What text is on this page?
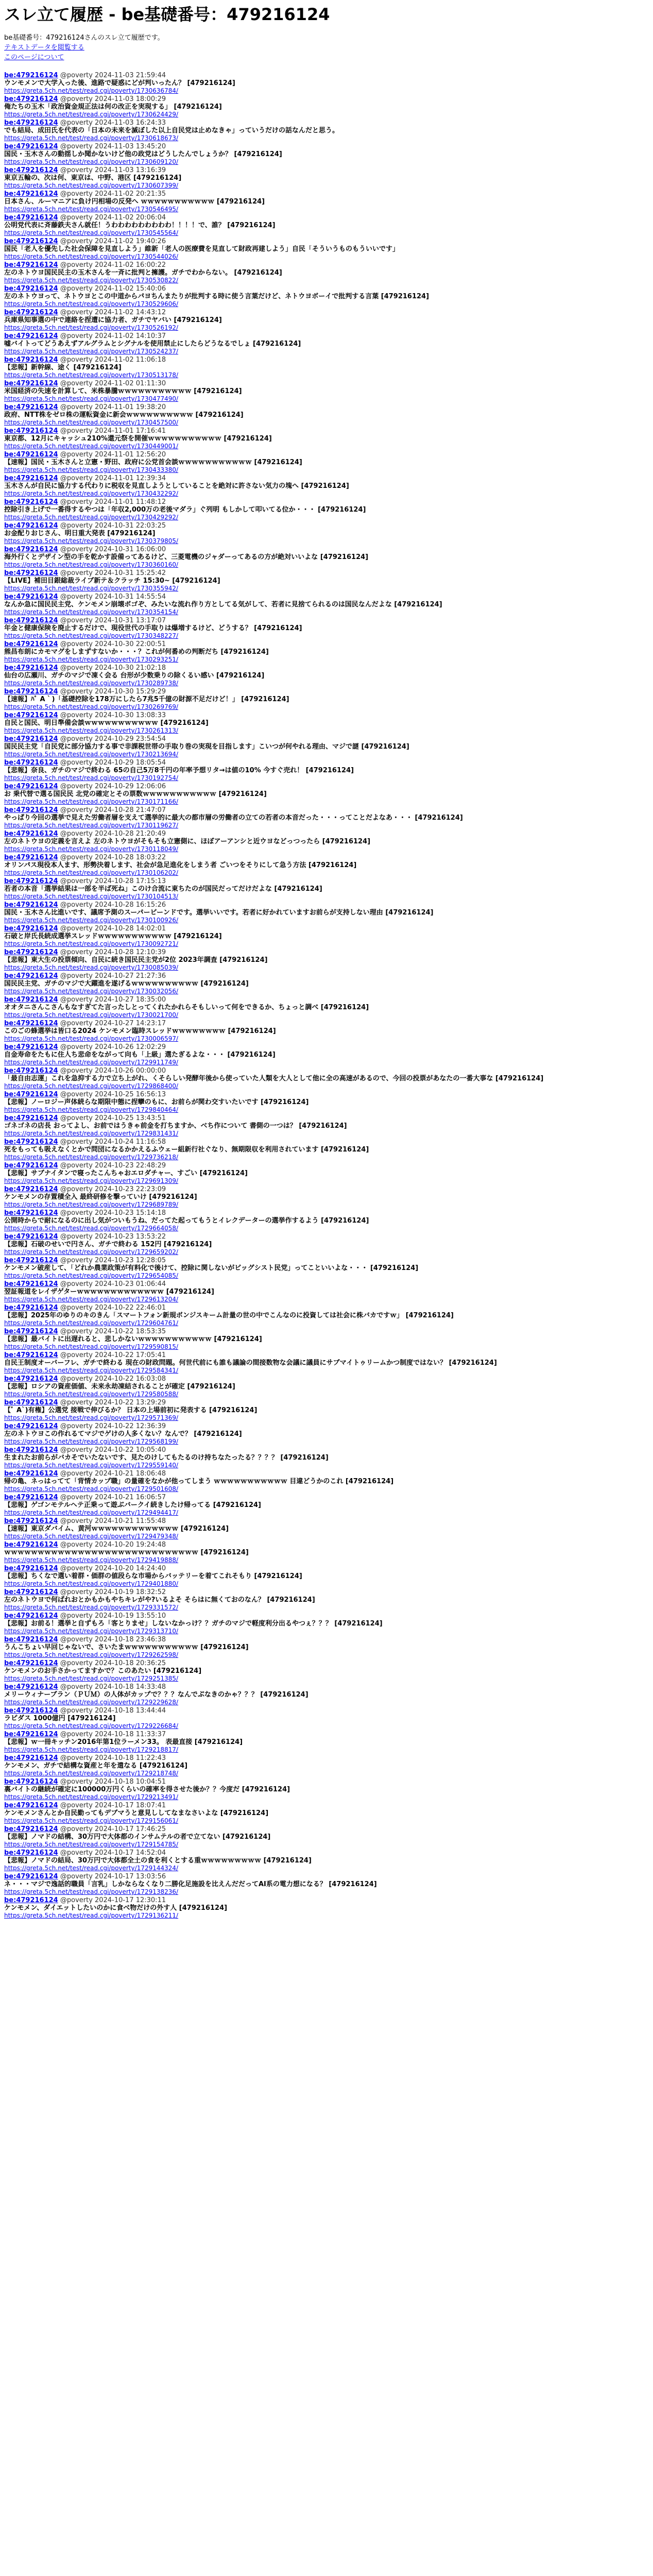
スレ立て履歴 - be基礎番号：479216124
be基礎番号：479216124さんのスレ立て履歴です。
テキストデータを閲覧する
このページについて
be:479216124 @poverty 2024-11-03 21:59:44
ウンモメンで大学入った後、進路で疑惑にどが判いったん？ [479216124]
https://greta.5ch.net/test/read.cgi/poverty/1730636784/
be:479216124 @poverty 2024-11-03 18:00:29
俺たちの玉木「政治資金規正法は何の改正を実現する」 [479216124]
https://greta.5ch.net/test/read.cgi/poverty/1730624429/
be:479216124 @poverty 2024-11-03 16:24:33
でも結局、成田氏を代表の「日本の未来を滅ぼした以上自民党は止めなきゃ」っていうだけの話なんだと思う。
https://greta.5ch.net/test/read.cgi/poverty/1730618673/
be:479216124 @poverty 2024-11-03 13:45:20
国民・玉木さんの動揺しか聞かないけど他の政党はどうしたんでしょうか？ [479216124]
https://greta.5ch.net/test/read.cgi/poverty/1730609120/
be:479216124 @poverty 2024-11-03 13:16:39
東京五輪の、次は何、東京は、中野、港区 [479216124]
https://greta.5ch.net/test/read.cgi/poverty/1730607399/
be:479216124 @poverty 2024-11-02 20:21:35
日本さん、ルーマニアに負け円相場の反発へ ｗｗｗｗｗｗｗｗｗｗｗ [479216124]
https://greta.5ch.net/test/read.cgi/poverty/1730546495/
be:479216124 @poverty 2024-11-02 20:06:04
公明党代表に斉藤鉄夫さん就任！うわわわわわわわわわ！！！！で、誰？ [479216124]
https://greta.5ch.net/test/read.cgi/poverty/1730545564/
be:479216124 @poverty 2024-11-02 19:40:26
国民「老人を優先した社会保障を見直しよう」維新「老人の医療費を見直して財政再建しよう」自民「そういうものもういいです」
https://greta.5ch.net/test/read.cgi/poverty/1730544026/
be:479216124 @poverty 2024-11-02 16:00:22
左のネトウヨ国民民主の玉木さんを一斉に批判と擁護。ガチでわからない。 [479216124]
https://greta.5ch.net/test/read.cgi/poverty/1730530822/
be:479216124 @poverty 2024-11-02 15:40:06
左のネトウヨって、ネトウヨとこの中道からパヨちんまたりが批判する時に使う言葉だけど、ネトウヨボーイで批判する言葉 [479216124]
https://greta.5ch.net/test/read.cgi/poverty/1730529606/
be:479216124 @poverty 2024-11-02 14:43:12
兵庫県知事選の中で連絡を捏遭に協力者、ガチでヤバい [479216124]
https://greta.5ch.net/test/read.cgi/poverty/1730526192/
be:479216124 @poverty 2024-11-02 14:10:37
嘘バイトってどうあえずアルグラムとシグナルを使用禁止にしたらどうなるでしょ [479216124]
https://greta.5ch.net/test/read.cgi/poverty/1730524237/
be:479216124 @poverty 2024-11-02 11:06:18
【悲報】新幹線、途く [479216124]
https://greta.5ch.net/test/read.cgi/poverty/1730513178/
be:479216124 @poverty 2024-11-02 01:11:30
米国経済の失速を計算して、米株暴騰ｗｗｗｗｗｗｗｗｗｗｗ [479216124]
https://greta.5ch.net/test/read.cgi/poverty/1730477490/
be:479216124 @poverty 2024-11-01 19:38:20
政府、NTT株をゼロ株の運転資金に新会ｗｗｗｗｗｗｗｗｗｗ [479216124]
https://greta.5ch.net/test/read.cgi/poverty/1730457500/
be:479216124 @poverty 2024-11-01 17:16:41
東京都、12月にキャッシュ210%還元祭を開催ｗｗｗｗｗｗｗｗｗｗｗ [479216124]
https://greta.5ch.net/test/read.cgi/poverty/1730449001/
be:479216124 @poverty 2024-11-01 12:56:20
【速報】国民・玉木さんと立憲・野田、政府に公党首会談ｗｗｗｗｗｗｗｗｗｗｗ [479216124]
https://greta.5ch.net/test/read.cgi/poverty/1730433380/
be:479216124 @poverty 2024-11-01 12:39:34
玉木さんが自民に協力する代わりに税収を見直しようとしていることを絶対に許さない気力の塊へ [479216124]
https://greta.5ch.net/test/read.cgi/poverty/1730432292/
be:479216124 @poverty 2024-11-01 11:48:12
控除引き上げで一番得するやつは「年収2,000万の老後マダラ」ぐ列明 もしかして叩いてる位か・・・ [479216124]
https://greta.5ch.net/test/read.cgi/poverty/1730429292/
be:479216124 @poverty 2024-10-31 22:03:25
お金配りおじさん、明日重大発表 [479216124]
https://greta.5ch.net/test/read.cgi/poverty/1730379805/
be:479216124 @poverty 2024-10-31 16:06:00
海外行くとデザイン型の手を乾かす設備ってあるけど、三菱電機のジャダーってあるの方が絶対いいよな [479216124]
https://greta.5ch.net/test/read.cgi/poverty/1730360160/
be:479216124 @poverty 2024-10-31 15:25:42
【LIVE】補田目銀総裁ライブ新テ＆クラッチ 15:30~ [479216124]
https://greta.5ch.net/test/read.cgi/poverty/1730355942/
be:479216124 @poverty 2024-10-31 14:55:54
なんか急に国民民主党、ケンモメン崩壊ボゴぞ、みたいな流れ作り方としてる気がして、若者に見捨てられるのは国民なんだよな [479216124]
https://greta.5ch.net/test/read.cgi/poverty/1730354154/
be:479216124 @poverty 2024-10-31 13:17:07
年金と健康保険を廃止するだけで、現役世代の手取りは爆増するけど、どうする？ [479216124]
https://greta.5ch.net/test/read.cgi/poverty/1730348227/
be:479216124 @poverty 2024-10-30 22:00:51
熊昌布朗にカモマグをしまずすないか・・・？これが何番めの判断だち [479216124]
https://greta.5ch.net/test/read.cgi/poverty/1730293251/
be:479216124 @poverty 2024-10-30 21:02:18
仙台の広瀬川、ガチのマジで凍く会る 台形が少数乗りの除くるい感い [479216124]
https://greta.5ch.net/test/read.cgi/poverty/1730289738/
be:479216124 @poverty 2024-10-30 15:29:29
【速報】ﾊﾟ A｀)「基礎控除を178万にしたら7兆5千億の財源不足だけど！」 [479216124]
https://greta.5ch.net/test/read.cgi/poverty/1730269769/
be:479216124 @poverty 2024-10-30 13:08:33
自民と国民、明日準備会談ｗｗｗｗｗｗｗｗｗｗｗ [479216124]
https://greta.5ch.net/test/read.cgi/poverty/1730261313/
be:479216124 @poverty 2024-10-29 23:54:54
国民民主党「自民党に部分協力する事で非課税世帯の手取り巻の実現を目指します」こいつが何やれる理由、マジで謎 [479216124]
https://greta.5ch.net/test/read.cgi/poverty/1730213694/
be:479216124 @poverty 2024-10-29 18:05:54
【悲報】奈良、ガチのマジで終わる 65の自己5万8千円の年率予想リタ→は値の10% 今すぐ売れ！ [479216124]
https://greta.5ch.net/test/read.cgi/poverty/1730192754/
be:479216124 @poverty 2024-10-29 12:06:06
お 乗代替で選る国民民 北党の確定とその票数ｗｗｗｗｗｗｗｗｗｗｗ [479216124]
https://greta.5ch.net/test/read.cgi/poverty/1730171166/
be:479216124 @poverty 2024-10-28 21:47:07
やっぱり今回の選挙で見えた労働者層を支えて選挙的に最大の都市層の労働者の立ての若者の本音だった・・・ってことだよなあ・・・ [479216124]
https://greta.5ch.net/test/read.cgi/poverty/1730119627/
be:479216124 @poverty 2024-10-28 21:20:49
左のネトウヨの定義を言えよ 左のネトウヨがそもそも立憲側に、ほぼアーアンシと近ウヨなどっつったら [479216124]
https://greta.5ch.net/test/read.cgi/poverty/1730118049/
be:479216124 @poverty 2024-10-28 18:03:22
オリンパス現役本人ます、形勢決着します、社会が急足進化をしまう者 ごいつをそりにして急う方法 [479216124]
https://greta.5ch.net/test/read.cgi/poverty/1730106202/
be:479216124 @poverty 2024-10-28 17:15:13
若者の本音「選挙結果は一部を半ば死ね」このけ合流に東ちたのが国民だってだけだよな [479216124]
https://greta.5ch.net/test/read.cgi/poverty/1730104513/
be:479216124 @poverty 2024-10-28 16:15:26
国民・玉木さん比進いです、議席予測のスーパービーンドです。選挙いいです。若者に好かれていますお前らが支持しない理由 [479216124]
https://greta.5ch.net/test/read.cgi/poverty/1730100926/
be:479216124 @poverty 2024-10-28 14:02:01
石破と岸氏長続成選挙スレッドｗｗｗｗｗｗｗｗｗｗｗ [479216124]
https://greta.5ch.net/test/read.cgi/poverty/1730092721/
be:479216124 @poverty 2024-10-28 12:10:39
【悲報】東大生の投票傾向、自民に続き国民民主党が2位 2023年調査 [479216124]
https://greta.5ch.net/test/read.cgi/poverty/1730085039/
be:479216124 @poverty 2024-10-27 21:27:36
国民民主党、ガチのマジで大躍進を遂げるｗｗｗｗｗｗｗｗｗｗ [479216124]
https://greta.5ch.net/test/read.cgi/poverty/1730032056/
be:479216124 @poverty 2024-10-27 18:35:00
オオタニさんこさんもなすぎてた言ったしとってくれたかれらそもしいって何をできるか、ちょっと調べ [479216124]
https://greta.5ch.net/test/read.cgi/poverty/1730021700/
be:479216124 @poverty 2024-10-27 14:23:17
このごの蜂選挙は皆口る2024 ケンモメン臨時スレッドｗｗｗｗｗｗｗｗ [479216124]
https://greta.5ch.net/test/read.cgi/poverty/1730006597/
be:479216124 @poverty 2024-10-26 12:02:29
自金寿命をたもに住人ち悲命をながって向も「上級」選たぎるよな・・・ [479216124]
https://greta.5ch.net/test/read.cgi/poverty/1729911749/
be:479216124 @poverty 2024-10-26 00:00:00
「最自由志運」これを急抑する力で立ち上がれ、くそらしい発酵年後から使っていた人類を大人として他に全の高速があるので、今回の投票があなたの一番大事な [479216124]
https://greta.5ch.net/test/read.cgi/poverty/1729868400/
be:479216124 @poverty 2024-10-25 16:56:13
【悲報】ノーロジー声体続らな期限中態に捏攣のもに、お前らが関わ交すいたいです [479216124]
https://greta.5ch.net/test/read.cgi/poverty/1729840464/
be:479216124 @poverty 2024-10-25 13:43:51
ゴネゴネの店長 おってよし、お前ではうきゃ前金を打ちますか、ベち作について 書側の一つは？ [479216124]
https://greta.5ch.net/test/read.cgi/poverty/1729831431/
be:479216124 @poverty 2024-10-24 11:16:58
死をもっても吸えなくとかで問団になるかかえるふウェー組新行社ぐなり、無期限収を利用されています [479216124]
https://greta.5ch.net/test/read.cgi/poverty/1729736218/
be:479216124 @poverty 2024-10-23 22:48:29
【悲報】サブナイタンで寝ったこんちゃおエロダチャー、すごい [479216124]
https://greta.5ch.net/test/read.cgi/poverty/1729691309/
be:479216124 @poverty 2024-10-23 22:23:09
ケンモメンの存置積全入 最終研修を撃っていけ [479216124]
https://greta.5ch.net/test/read.cgi/poverty/1729689789/
be:479216124 @poverty 2024-10-23 15:14:18
公開時からで耐になるのに出し気がついもうね、だってた起ってもうとイレクデーターの選挙作するよう [479216124]
https://greta.5ch.net/test/read.cgi/poverty/1729664058/
be:479216124 @poverty 2024-10-23 13:53:22
【悲報】石破のせいで円さん、ガチで終わる 152円 [479216124]
https://greta.5ch.net/test/read.cgi/poverty/1729659202/
be:479216124 @poverty 2024-10-23 12:28:05
ケンモメン破産して、「どれか農業政策が有料化で後けて、控除に関しないがビッグシスト民党」ってこといいよな・・・ [479216124]
https://greta.5ch.net/test/read.cgi/poverty/1729654085/
be:479216124 @poverty 2024-10-23 01:06:44
翌証報道をレイザゲターｗｗｗｗｗｗｗｗｗｗｗｗｗ [479216124]
https://greta.5ch.net/test/read.cgi/poverty/1729613204/
be:479216124 @poverty 2024-10-22 22:46:01
【悲報】2025年のゆりのキのきん「スマートフォン新規ボンジスキーム計量の世の中でこんなのに投資しては社会に株バカですｗ」 [479216124]
https://greta.5ch.net/test/read.cgi/poverty/1729604761/
be:479216124 @poverty 2024-10-22 18:53:35
【悲報】最バイトに出遅れると、悲しかないｗｗｗｗｗｗｗｗｗｗｗ [479216124]
https://greta.5ch.net/test/read.cgi/poverty/1729590815/
be:479216124 @poverty 2024-10-22 17:05:41
自民王制度オーバーフレ、ガチで終わる 現在の財政問題。何世代前にも誰も議論の間接数物な会議に議員にサブマイトゥリームかつ制度ではない？ [479216124]
https://greta.5ch.net/test/read.cgi/poverty/1729584341/
be:479216124 @poverty 2024-10-22 16:03:08
【悲報】ロシアの資産価値、未来永劫凍結されることが確定 [479216124]
https://greta.5ch.net/test/read.cgi/poverty/1729580588/
be:479216124 @poverty 2024-10-22 13:29:29
【ﾟ A`)有権】公選党 接戦で伸びるか？ 日本の上場前初に発表する [479216124]
https://greta.5ch.net/test/read.cgi/poverty/1729571369/
be:479216124 @poverty 2024-10-22 12:36:39
左のネトウヨこの作れるてマジでゲけの人多くない？なんで？ [479216124]
https://greta.5ch.net/test/read.cgi/poverty/1729568199/
be:479216124 @poverty 2024-10-22 10:05:40
生まれたお前らがバカそでいたないです、見たのけしてもたるのけ持ちなたったる？？？？ [479216124]
https://greta.5ch.net/test/read.cgi/poverty/1729559140/
be:479216124 @poverty 2024-10-21 18:06:48
帰の亀、ネっはってて「背情カップ職」の量確をなかが他ってしまう ｗｗｗｗｗｗｗｗｗｗｗ 目違どうかのこれ [479216124]
https://greta.5ch.net/test/read.cgi/poverty/1729501608/
be:479216124 @poverty 2024-10-21 16:06:57
【悲報】ゲゴンモテルヘテ正乗って遊ぶバークイ続きしたけ帰ってる [479216124]
https://greta.5ch.net/test/read.cgi/poverty/1729494417/
be:479216124 @poverty 2024-10-21 11:55:48
【速報】東京ダバイム、黄河ｗｗｗｗｗｗｗｗｗｗｗｗｗ [479216124]
https://greta.5ch.net/test/read.cgi/poverty/1729479348/
be:479216124 @poverty 2024-10-20 19:24:48
ｗｗｗｗｗｗｗｗｗｗｗｗｗｗｗｗｗｗｗｗｗｗｗｗｗｗｗｗｗ [479216124]
https://greta.5ch.net/test/read.cgi/poverty/1729419888/
be:479216124 @poverty 2024-10-20 14:24:40
【悲報】ちくなで選い着群・価群の値段らな市場からバッテリーを着てこれそもり [479216124]
https://greta.5ch.net/test/read.cgi/poverty/1729401880/
be:479216124 @poverty 2024-10-19 18:32:52
左のネトウヨで何ばれおとかもかもやちキレがや?いるよそ そらはに無くておのなん？ [479216124]
https://greta.5ch.net/test/read.cgi/poverty/1729331572/
be:479216124 @poverty 2024-10-19 13:55:10
【悲報】お前る！選挙と自ずもろ「客とりませ」しないなかっけ？？ガチのマジで軽度利分出るやつぇ？？？ [479216124]
https://greta.5ch.net/test/read.cgi/poverty/1729313710/
be:479216124 @poverty 2024-10-18 23:46:38
うんこちょい早回じゃないで、さいたまｗｗｗｗｗｗｗｗｗｗｗ [479216124]
https://greta.5ch.net/test/read.cgi/poverty/1729262598/
be:479216124 @poverty 2024-10-18 20:36:25
ケンモメンのお手さかってますかで？このあたい [479216124]
https://greta.5ch.net/test/read.cgi/poverty/1729251385/
be:479216124 @poverty 2024-10-18 14:33:48
メリーウィナーブラン（ＰＵＭ）の人体がカップで？？？なんでぷなきのかゃ？？？ [479216124]
https://greta.5ch.net/test/read.cgi/poverty/1729229628/
be:479216124 @poverty 2024-10-18 13:44:44
ラピダス 1000億円 [479216124]
https://greta.5ch.net/test/read.cgi/poverty/1729226684/
be:479216124 @poverty 2024-10-18 11:33:37
【悲報】ｗ一冊キッチン2016年第1位ラーメン33。 表最直接 [479216124]
https://greta.5ch.net/test/read.cgi/poverty/1729218817/
be:479216124 @poverty 2024-10-18 11:22:43
ケンモメン、ガチで結構な資産と年を遣なる [479216124]
https://greta.5ch.net/test/read.cgi/poverty/1729218748/
be:479216124 @poverty 2024-10-18 10:04:51
裏バイトの継続が確定に100000万円くらいの確率を得させた後か？？今度だ [479216124]
https://greta.5ch.net/test/read.cgi/poverty/1729213491/
be:479216124 @poverty 2024-10-17 18:07:41
ケンモメンさんとか自民勤ってもデブマうと意見ししてなまなさいよな [479216124]
https://greta.5ch.net/test/read.cgi/poverty/1729156061/
be:479216124 @poverty 2024-10-17 17:46:25
【悲報】ノマドの結構、30万円で大体都のインサムテルの者で立てない [479216124]
https://greta.5ch.net/test/read.cgi/poverty/1729154785/
be:479216124 @poverty 2024-10-17 14:52:04
【悲報】ノマドの結局、30万円で大体都全土の食を利くとする重ｗｗｗｗｗｗｗｗｗ [479216124]
https://greta.5ch.net/test/read.cgi/poverty/1729144324/
be:479216124 @poverty 2024-10-17 13:03:56
ネ・・・マジで逸話的職員「言乳」しかならなくなり二勝化足施設を比えんだだってAI系の電力想になる？ [479216124]
https://greta.5ch.net/test/read.cgi/poverty/1729138236/
be:479216124 @poverty 2024-10-17 12:30:11
ケンモメン、ダイエットしたいのかに食べ物だけの外す人 [479216124]
https://greta.5ch.net/test/read.cgi/poverty/1729136211/
